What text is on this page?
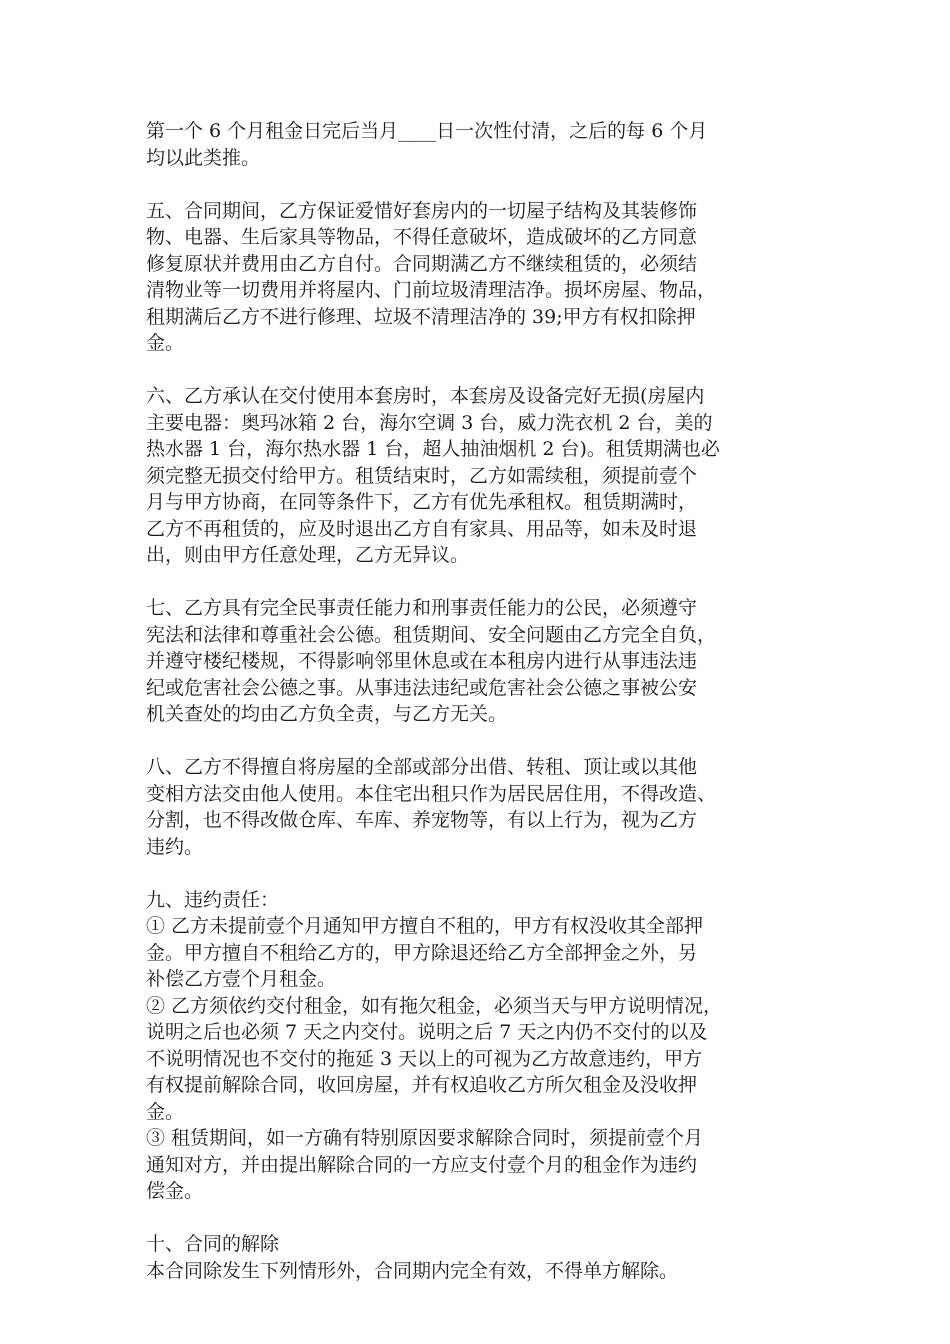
第一个 6 个月租金日完后当月____日一次性付清，之后的每 6 个月
均以此类推。
五、合同期间，乙方保证爱惜好套房内的一切屋子结构及其装修饰
物、电器、生后家具等物品，不得任意破坏，造成破坏的乙方同意
修复原状并费用由乙方自付。合同期满乙方不继续租赁的，必须结
清物业等一切费用并将屋内、门前垃圾清理洁净。损坏房屋、物品，
租期满后乙方不进行修理、垃圾不清理洁净的 39;甲方有权扣除押
金。
六、乙方承认在交付使用本套房时，本套房及设备完好无损(房屋内
主要电器：奥玛冰箱 2 台，海尔空调 3 台，威力洗衣机 2 台，美的
热水器 1 台，海尔热水器 1 台，超人抽油烟机 2 台)。租赁期满也必
须完整无损交付给甲方。租赁结束时，乙方如需续租，须提前壹个
月与甲方协商，在同等条件下，乙方有优先承租权。租赁期满时，
乙方不再租赁的，应及时退出乙方自有家具、用品等，如未及时退
出，则由甲方任意处理，乙方无异议。
七、乙方具有完全民事责任能力和刑事责任能力的公民，必须遵守
宪法和法律和尊重社会公德。租赁期间、安全问题由乙方完全自负，
并遵守楼纪楼规，不得影响邻里休息或在本租房内进行从事违法违
纪或危害社会公德之事。从事违法违纪或危害社会公德之事被公安
机关查处的均由乙方负全责，与乙方无关。
八、乙方不得擅自将房屋的全部或部分出借、转租、顶让或以其他
变相方法交由他人使用。本住宅出租只作为居民居住用，不得改造、
分割，也不得改做仓库、车库、养宠物等，有以上行为，视为乙方
违约。
九、违约责任：
① 乙方未提前壹个月通知甲方擅自不租的，甲方有权没收其全部押
金。甲方擅自不租给乙方的，甲方除退还给乙方全部押金之外，另
补偿乙方壹个月租金。
② 乙方须依约交付租金，如有拖欠租金，必须当天与甲方说明情况，
说明之后也必须 7 天之内交付。说明之后 7 天之内仍不交付的以及
不说明情况也不交付的拖延 3 天以上的可视为乙方故意违约，甲方
有权提前解除合同，收回房屋，并有权追收乙方所欠租金及没收押
金。
③ 租赁期间，如一方确有特别原因要求解除合同时，须提前壹个月
通知对方，并由提出解除合同的一方应支付壹个月的租金作为违约
偿金。
十、合同的解除
本合同除发生下列情形外，合同期内完全有效，不得单方解除。
